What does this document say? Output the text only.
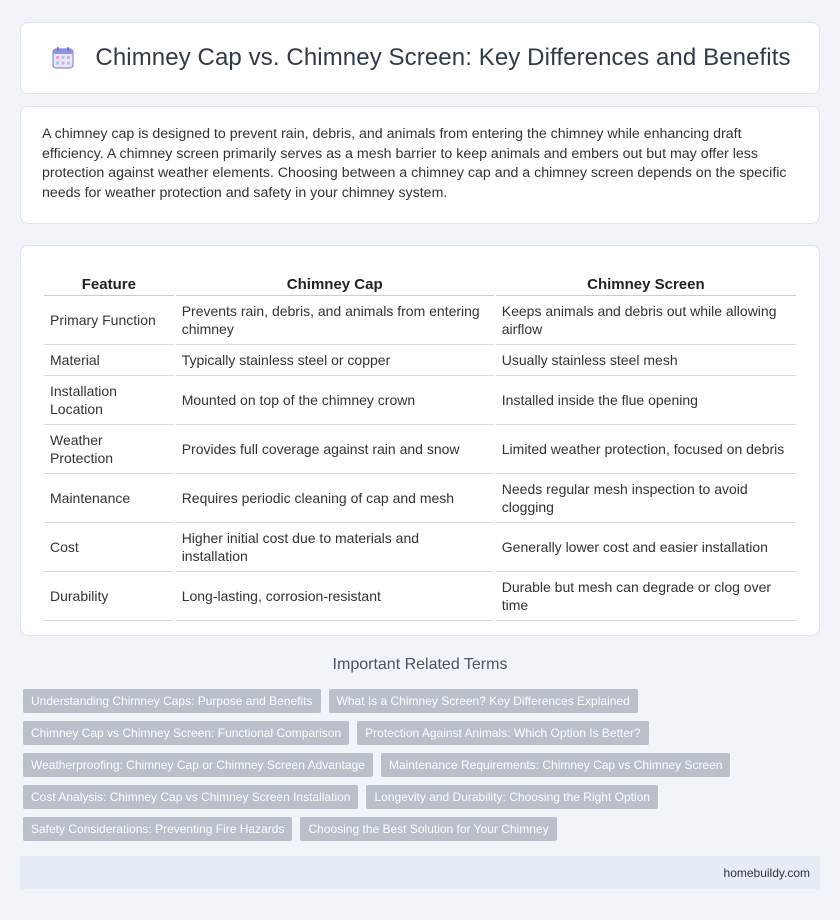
Chimney Cap vs. Chimney Screen: Key Differences and Benefits

A chimney cap is designed to prevent rain, debris, and animals from entering the chimney while enhancing draft efficiency. A chimney screen primarily serves as a mesh barrier to keep animals and embers out but may offer less protection against weather elements. Choosing between a chimney cap and a chimney screen depends on the specific needs for weather protection and safety in your chimney system.

Feature	Chimney Cap	Chimney Screen
Primary Function	Prevents rain, debris, and animals from entering chimney	Keeps animals and debris out while allowing airflow
Material	Typically stainless steel or copper	Usually stainless steel mesh
Installation Location	Mounted on top of the chimney crown	Installed inside the flue opening
Weather Protection	Provides full coverage against rain and snow	Limited weather protection, focused on debris
Maintenance	Requires periodic cleaning of cap and mesh	Needs regular mesh inspection to avoid clogging
Cost	Higher initial cost due to materials and installation	Generally lower cost and easier installation
Durability	Long-lasting, corrosion-resistant	Durable but mesh can degrade or clog over time
Important Related Terms
Understanding Chimney Caps: Purpose and Benefits	What Is a Chimney Screen? Key Differences Explained
Chimney Cap vs Chimney Screen: Functional Comparison	Protection Against Animals: Which Option Is Better?
Weatherproofing: Chimney Cap or Chimney Screen Advantage	Maintenance Requirements: Chimney Cap vs Chimney Screen
Cost Analysis: Chimney Cap vs Chimney Screen Installation	Longevity and Durability: Choosing the Right Option
Safety Considerations: Preventing Fire Hazards	Choosing the Best Solution for Your Chimney
homebuildy.com
